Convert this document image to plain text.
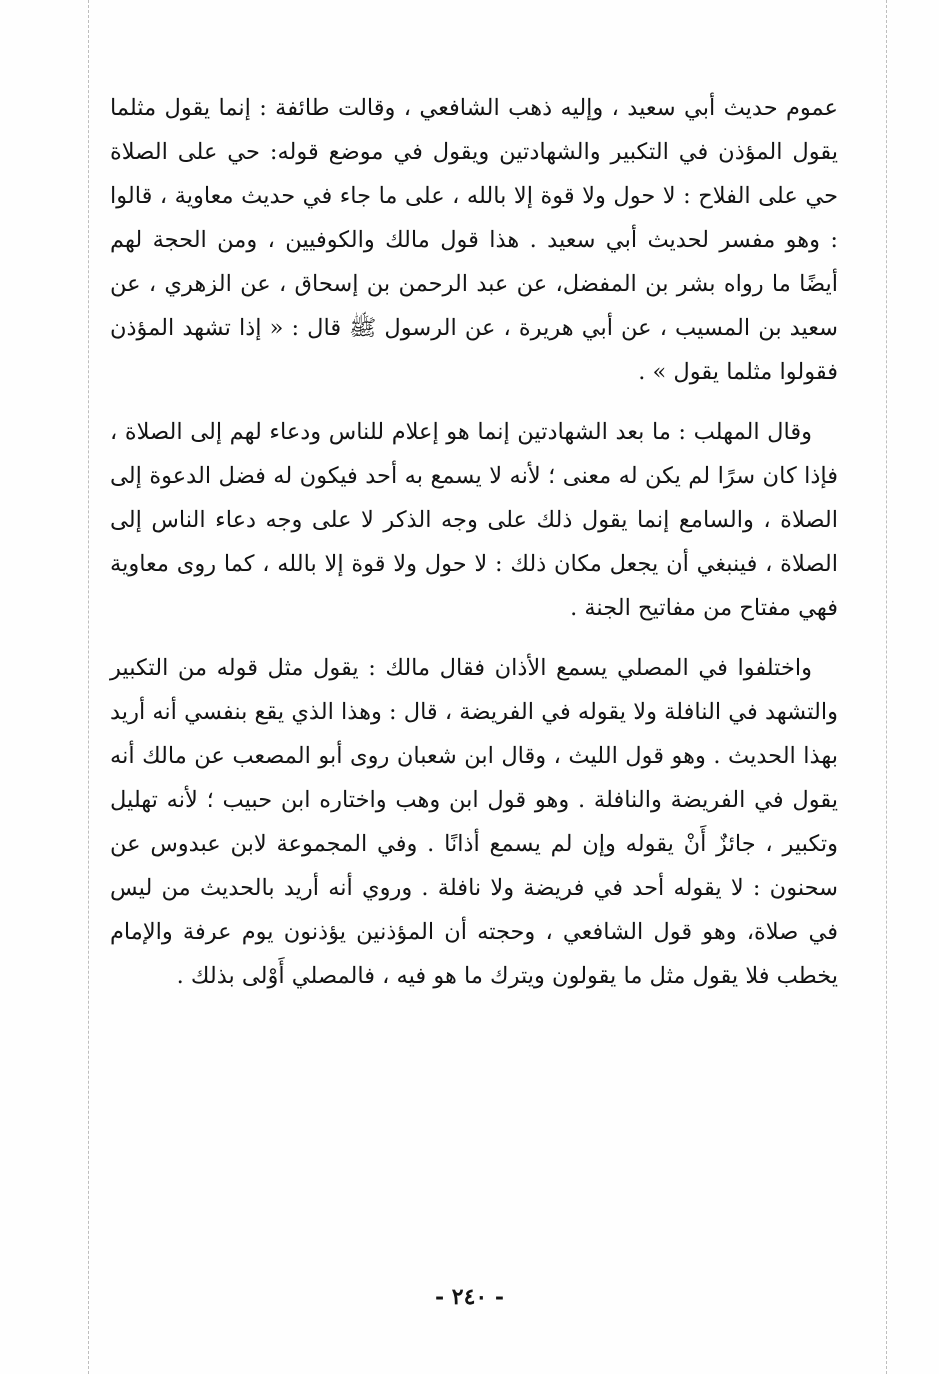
عموم حديث أبي سعيد ، وإليه ذهب الشافعي ، وقالت طائفة : إنما يقول مثلما يقول المؤذن في التكبير والشهادتين ويقول في موضع قوله: حي على الصلاة حي على الفلاح : لا حول ولا قوة إلا بالله ، على ما جاء في حديث معاوية ، قالوا : وهو مفسر لحديث أبي سعيد . هذا قول مالك والكوفيين ، ومن الحجة لهم أيضًا ما رواه بشر بن المفضل، عن عبد الرحمن بن إسحاق ، عن الزهري ، عن سعيد بن المسيب ، عن أبي هريرة ، عن الرسول ﷺ قال : « إذا تشهد المؤذن فقولوا مثلما يقول » .

وقال المهلب : ما بعد الشهادتين إنما هو إعلام للناس ودعاء لهم إلى الصلاة ، فإذا كان سرًا لم يكن له معنى ؛ لأنه لا يسمع به أحد فيكون له فضل الدعوة إلى الصلاة ، والسامع إنما يقول ذلك على وجه الذكر لا على وجه دعاء الناس إلى الصلاة ، فينبغي أن يجعل مكان ذلك : لا حول ولا قوة إلا بالله ، كما روى معاوية فهي مفتاح من مفاتيح الجنة .

واختلفوا في المصلي يسمع الأذان فقال مالك : يقول مثل قوله من التكبير والتشهد في النافلة ولا يقوله في الفريضة ، قال : وهذا الذي يقع بنفسي أنه أريد بهذا الحديث . وهو قول الليث ، وقال ابن شعبان روى أبو المصعب عن مالك أنه يقول في الفريضة والنافلة . وهو قول ابن وهب واختاره ابن حبيب ؛ لأنه تهليل وتكبير ، جائزٌ أَنْ يقوله وإن لم يسمع أذانًا . وفي المجموعة لابن عبدوس عن سحنون : لا يقوله أحد في فريضة ولا نافلة . وروي أنه أريد بالحديث من ليس في صلاة، وهو قول الشافعي ، وحجته أن المؤذنين يؤذنون يوم عرفة والإمام يخطب فلا يقول مثل ما يقولون ويترك ما هو فيه ، فالمصلي أَوْلى بذلك .

- ٢٤٠ -
